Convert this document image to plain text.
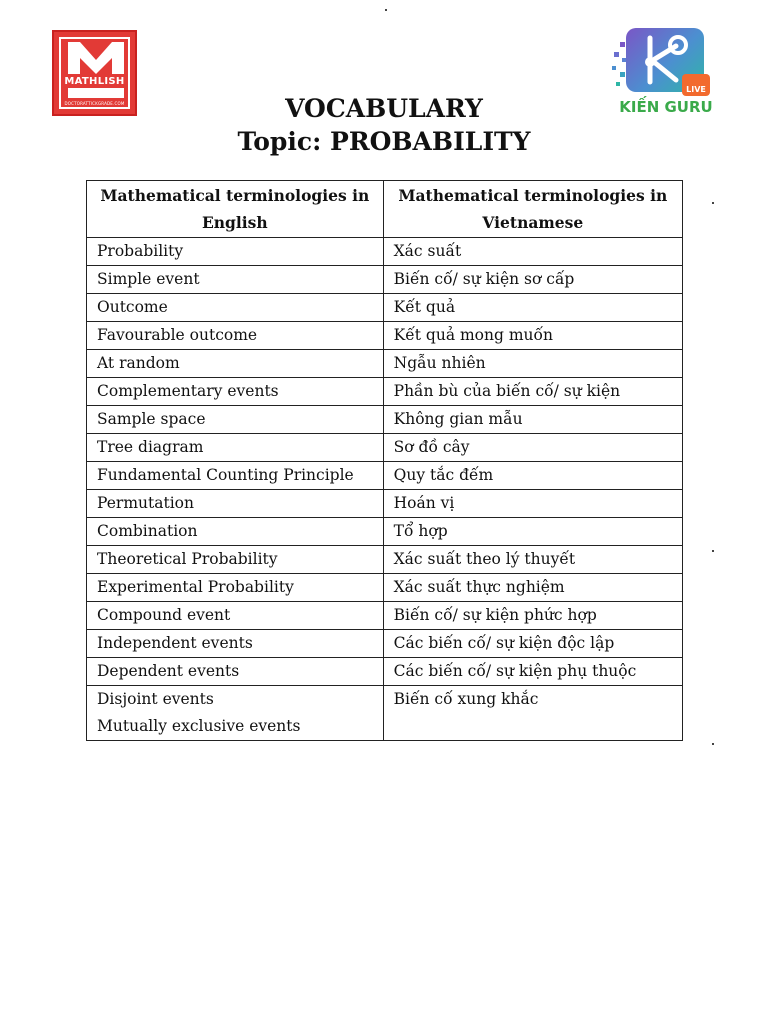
MATHLISH
DOCTORATTICKGRADE.COM
LIVE
KIẾN GURU
VOCABULARY
Topic: PROBABILITY
Mathematical terminologies in English	Mathematical terminologies in Vietnamese

Probability	Xác suất

Simple event	Biến cố/ sự kiện sơ cấp

Outcome	Kết quả

Favourable outcome	Kết quả mong muốn

At random	Ngẫu nhiên

Complementary events	Phần bù của biến cố/ sự kiện

Sample space	Không gian mẫu

Tree diagram	Sơ đồ cây

Fundamental Counting Principle	Quy tắc đếm

Permutation	Hoán vị

Combination	Tổ hợp

Theoretical Probability	Xác suất theo lý thuyết

Experimental Probability	Xác suất thực nghiệm

Compound event	Biến cố/ sự kiện phức hợp

Independent events	Các biến cố/ sự kiện độc lập

Dependent events	Các biến cố/ sự kiện phụ thuộc

Disjoint events
Mutually exclusive events	Biến cố xung khắc
